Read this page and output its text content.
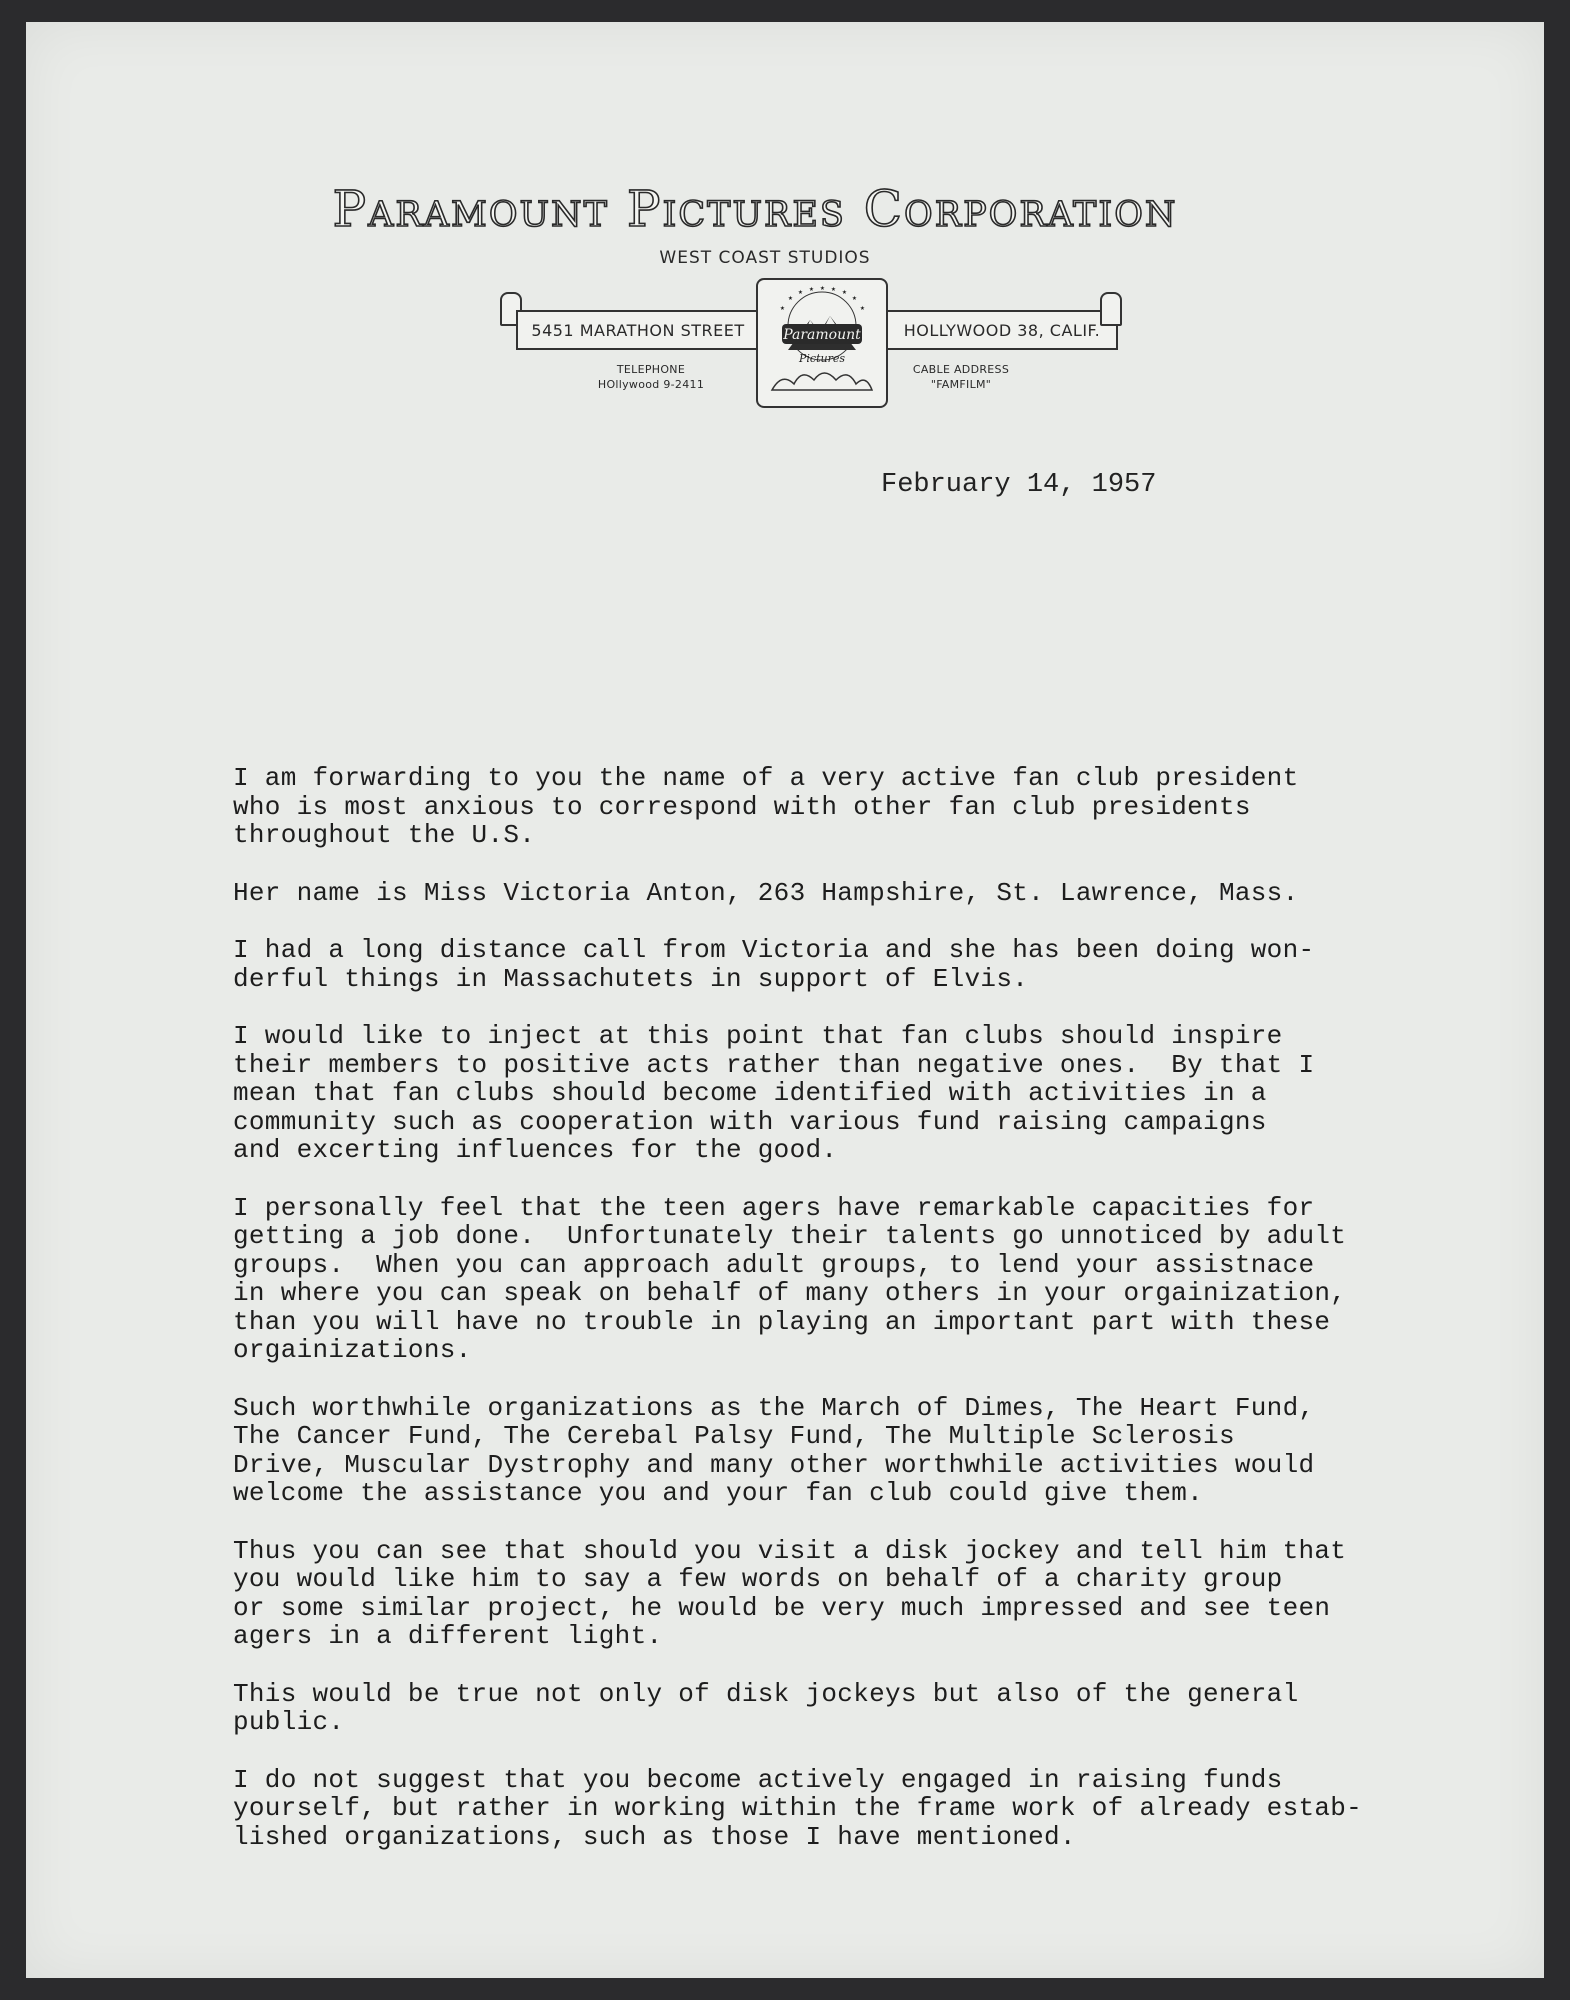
Paramount Pictures Corporation
WEST COAST STUDIOS
5451 MARATHON STREET
★
★ ★ ★ ★ ★
★
★	★
Paramount
Pictures
HOLLYWOOD 38, CALIF.
TELEPHONE
HOllywood 9-2411
CABLE ADDRESS
"FAMFILM"
February 14, 1957

I am forwarding to you the name of a very active fan club president
who is most anxious to correspond with other fan club presidents
throughout the U.S.

Her name is Miss Victoria Anton, 263 Hampshire, St. Lawrence, Mass.

I had a long distance call from Victoria and she has been doing won-
derful things in Massachutets in support of Elvis.

I would like to inject at this point that fan clubs should inspire
their members to positive acts rather than negative ones.  By that I
mean that fan clubs should become identified with activities in a
community such as cooperation with various fund raising campaigns
and excerting influences for the good.

I personally feel that the teen agers have remarkable capacities for
getting a job done.  Unfortunately their talents go unnoticed by adult
groups.  When you can approach adult groups, to lend your assistnace
in where you can speak on behalf of many others in your orgainization,
than you will have no trouble in playing an important part with these
orgainizations.

Such worthwhile organizations as the March of Dimes, The Heart Fund,
The Cancer Fund, The Cerebal Palsy Fund, The Multiple Sclerosis
Drive, Muscular Dystrophy and many other worthwhile activities would
welcome the assistance you and your fan club could give them.

Thus you can see that should you visit a disk jockey and tell him that
you would like him to say a few words on behalf of a charity group
or some similar project, he would be very much impressed and see teen
agers in a different light.

This would be true not only of disk jockeys but also of the general
public.

I do not suggest that you become actively engaged in raising funds
yourself, but rather in working within the frame work of already estab-
lished organizations, such as those I have mentioned.
